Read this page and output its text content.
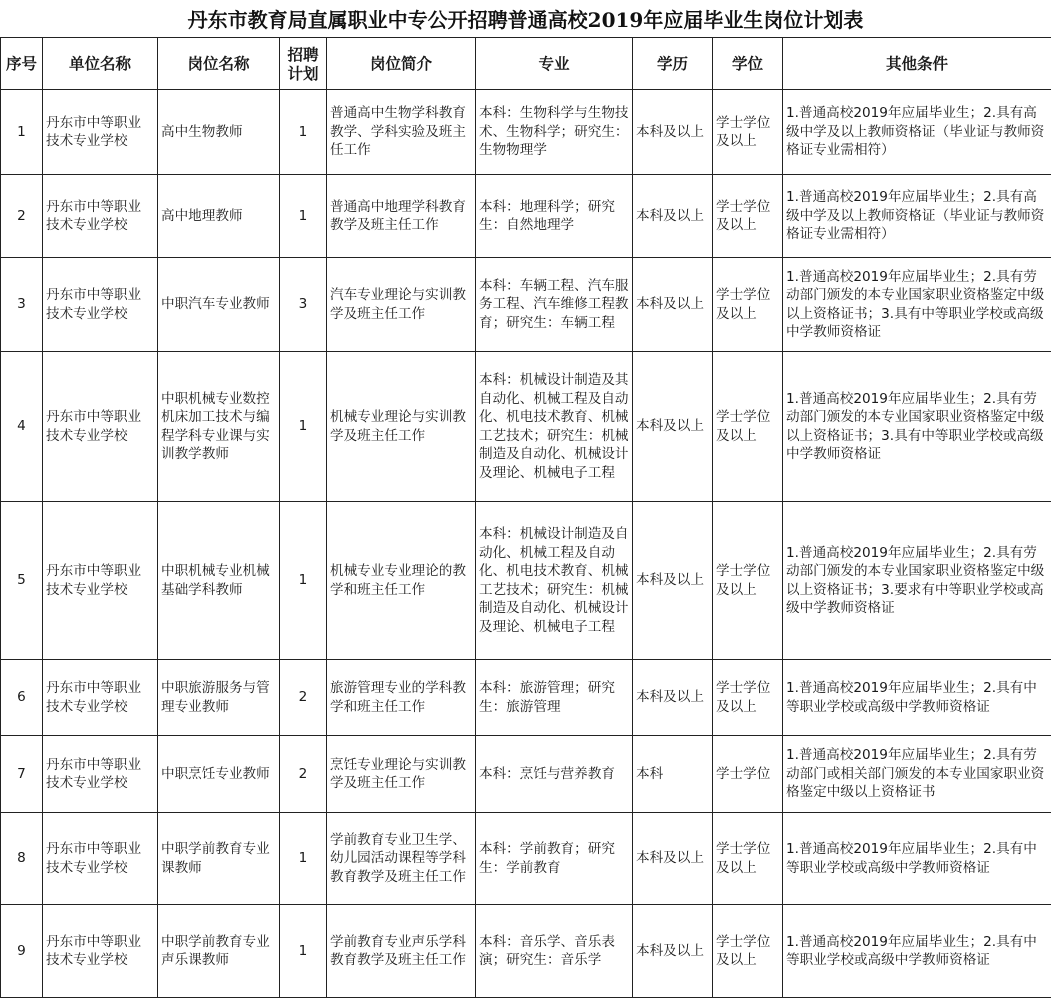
丹东市教育局直属职业中专公开招聘普通高校2019年应届毕业生岗位计划表
序号	单位名称	岗位名称	招聘计划	岗位简介	专业	学历	学位	其他条件
1	丹东市中等职业技术专业学校	高中生物教师	1	普通高中生物学科教育教学、学科实验及班主任工作	本科：生物科学与生物技术、生物科学；研究生：生物物理学	本科及以上	学士学位及以上	1.普通高校2019年应届毕业生；2.具有高级中学及以上教师资格证（毕业证与教师资格证专业需相符）
2	丹东市中等职业技术专业学校	高中地理教师	1	普通高中地理学科教育教学及班主任工作	本科：地理科学；研究生：自然地理学	本科及以上	学士学位及以上	1.普通高校2019年应届毕业生；2.具有高级中学及以上教师资格证（毕业证与教师资格证专业需相符）
3	丹东市中等职业技术专业学校	中职汽车专业教师	3	汽车专业理论与实训教学及班主任工作	本科：车辆工程、汽车服务工程、汽车维修工程教育；研究生：车辆工程	本科及以上	学士学位及以上	1.普通高校2019年应届毕业生；2.具有劳动部门颁发的本专业国家职业资格鉴定中级以上资格证书；3.具有中等职业学校或高级中学教师资格证
4	丹东市中等职业技术专业学校	中职机械专业数控机床加工技术与编程学科专业课与实训教学教师	1	机械专业理论与实训教学及班主任工作	本科：机械设计制造及其自动化、机械工程及自动化、机电技术教育、机械工艺技术；研究生：机械制造及自动化、机械设计及理论、机械电子工程	本科及以上	学士学位及以上	1.普通高校2019年应届毕业生；2.具有劳动部门颁发的本专业国家职业资格鉴定中级以上资格证书；3.具有中等职业学校或高级中学教师资格证
5	丹东市中等职业技术专业学校	中职机械专业机械基础学科教师	1	机械专业专业理论的教学和班主任工作	本科：机械设计制造及自动化、机械工程及自动化、机电技术教育、机械工艺技术；研究生：机械制造及自动化、机械设计及理论、机械电子工程	本科及以上	学士学位及以上	1.普通高校2019年应届毕业生；2.具有劳动部门颁发的本专业国家职业资格鉴定中级以上资格证书；3.要求有中等职业学校或高级中学教师资格证
6	丹东市中等职业技术专业学校	中职旅游服务与管理专业教师	2	旅游管理专业的学科教学和班主任工作	本科：旅游管理；研究生：旅游管理	本科及以上	学士学位及以上	1.普通高校2019年应届毕业生；2.具有中等职业学校或高级中学教师资格证
7	丹东市中等职业技术专业学校	中职烹饪专业教师	2	烹饪专业理论与实训教学及班主任工作	本科：烹饪与营养教育	本科	学士学位	1.普通高校2019年应届毕业生；2.具有劳动部门或相关部门颁发的本专业国家职业资格鉴定中级以上资格证书
8	丹东市中等职业技术专业学校	中职学前教育专业课教师	1	学前教育专业卫生学、幼儿园活动课程等学科教育教学及班主任工作	本科：学前教育；研究生：学前教育	本科及以上	学士学位及以上	1.普通高校2019年应届毕业生；2.具有中等职业学校或高级中学教师资格证
9	丹东市中等职业技术专业学校	中职学前教育专业声乐课教师	1	学前教育专业声乐学科教育教学及班主任工作	本科：音乐学、音乐表演；研究生：音乐学	本科及以上	学士学位及以上	1.普通高校2019年应届毕业生；2.具有中等职业学校或高级中学教师资格证
